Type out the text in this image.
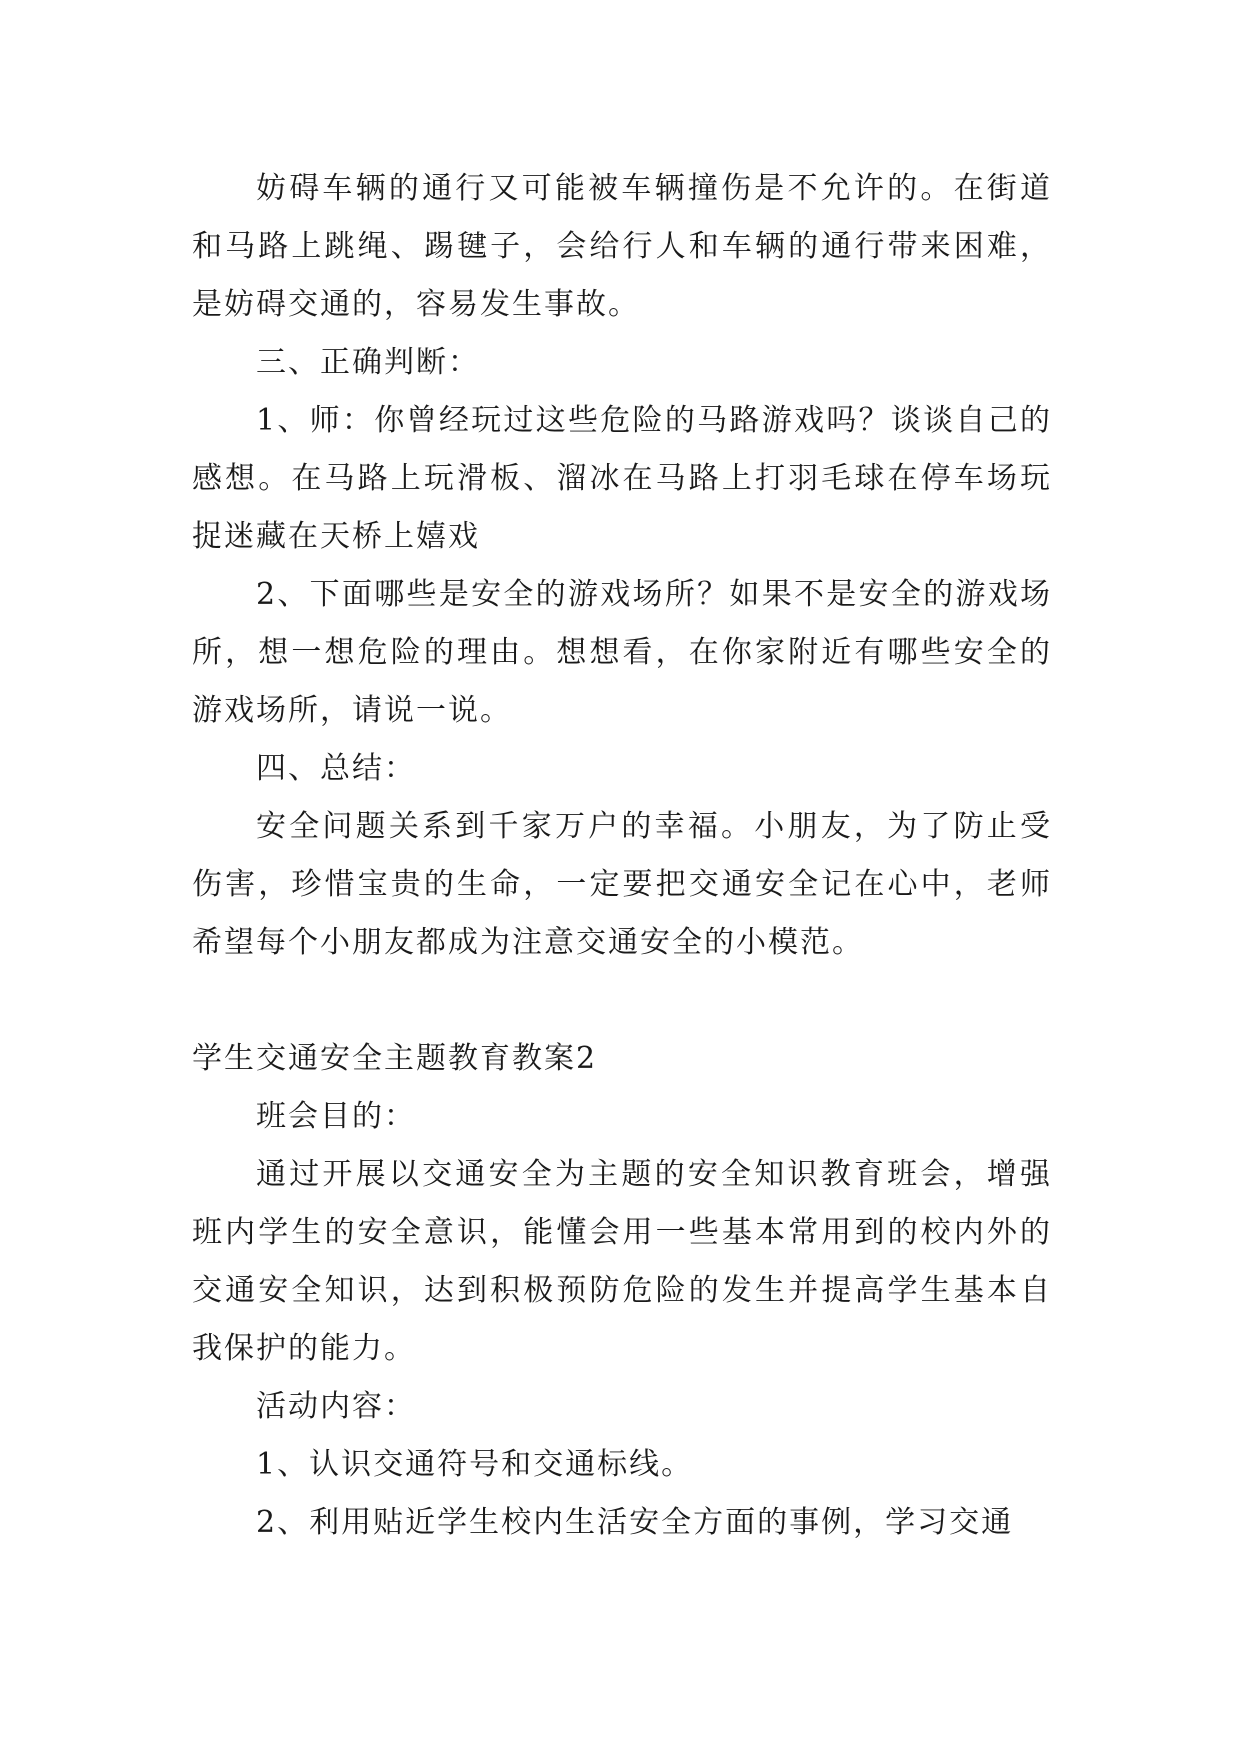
妨碍车辆的通行又可能被车辆撞伤是不允许的。在街道和马路上跳绳、踢毽子，会给行人和车辆的通行带来困难，是妨碍交通的，容易发生事故。

三、正确判断：

1、师：你曾经玩过这些危险的马路游戏吗？谈谈自己的感想。在马路上玩滑板、溜冰在马路上打羽毛球在停车场玩捉迷藏在天桥上嬉戏

2、下面哪些是安全的游戏场所？如果不是安全的游戏场所，想一想危险的理由。想想看，在你家附近有哪些安全的游戏场所，请说一说。

四、总结：

安全问题关系到千家万户的幸福。小朋友，为了防止受伤害，珍惜宝贵的生命，一定要把交通安全记在心中，老师希望每个小朋友都成为注意交通安全的小模范。

学生交通安全主题教育教案2

班会目的：

通过开展以交通安全为主题的安全知识教育班会，增强班内学生的安全意识，能懂会用一些基本常用到的校内外的交通安全知识，达到积极预防危险的发生并提高学生基本自我保护的能力。

活动内容：

1、认识交通符号和交通标线。

2、利用贴近学生校内生活安全方面的事例，学习交通
